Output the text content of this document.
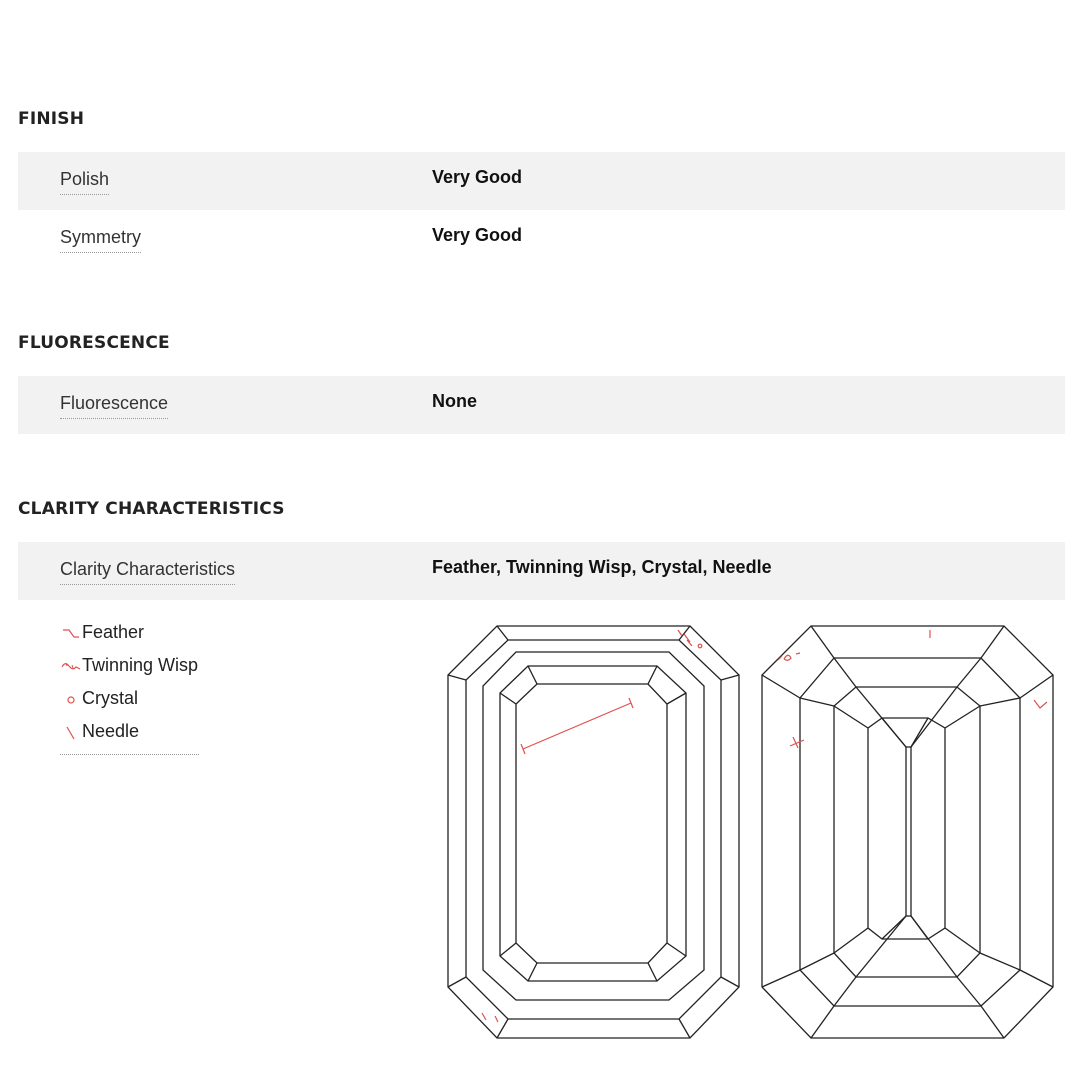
FINISH
Polish	Very Good
Symmetry	Very Good
FLUORESCENCE
Fluorescence	None
CLARITY CHARACTERISTICS
Clarity Characteristics	Feather, Twinning Wisp, Crystal, Needle
Feather
Twinning Wisp
Crystal
Needle
